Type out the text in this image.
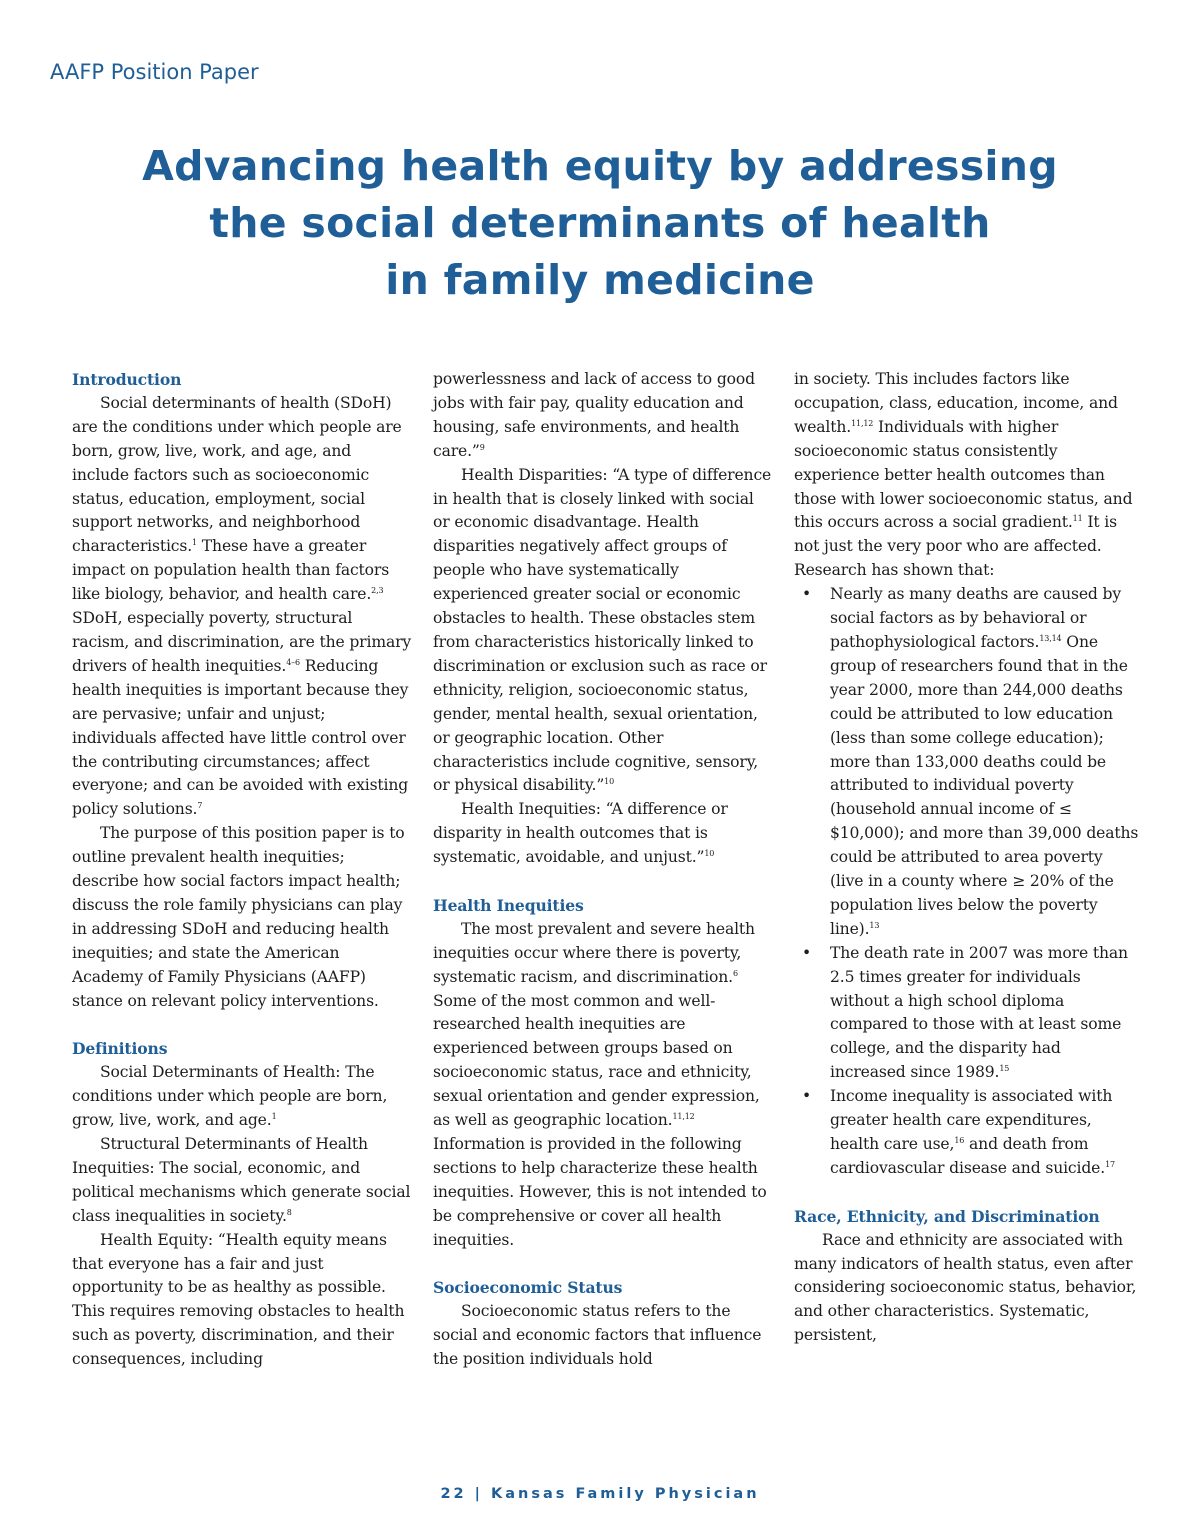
AAFP Position Paper
Advancing health equity by addressing
the social determinants of health
in family medicine
Introduction

Social determinants of health (SDoH) are the conditions under which people are born, grow, live, work, and age, and include factors such as socioeconomic status, education, employment, social support networks, and neighborhood characteristics.$^1$ These have a greater impact on population health than factors like biology, behavior, and health care.$^{2,3}$ SDoH, especially poverty, structural racism, and discrimination, are the primary drivers of health inequities.$^{4-6}$ Reducing health inequities is important because they are pervasive; unfair and unjust; individuals affected have little control over the contributing circumstances; affect everyone; and can be avoided with existing policy solutions.$^7$

The purpose of this position paper is to outline prevalent health inequities; describe how social factors impact health; discuss the role family physicians can play in addressing SDoH and reducing health inequities; and state the American Academy of Family Physicians (AAFP) stance on relevant policy interventions.

Definitions

Social Determinants of Health: The conditions under which people are born, grow, live, work, and age.$^1$

Structural Determinants of Health Inequities: The social, economic, and political mechanisms which generate social class inequalities in society.$^8$

Health Equity: “Health equity means that everyone has a fair and just opportunity to be as healthy as possible. This requires removing obstacles to health such as poverty, discrimination, and their consequences, including

powerlessness and lack of access to good jobs with fair pay, quality education and housing, safe environments, and health care.”$^9$

Health Disparities: “A type of difference in health that is closely linked with social or economic disadvantage. Health disparities negatively affect groups of people who have systematically experienced greater social or economic obstacles to health. These obstacles stem from characteristics historically linked to discrimination or exclusion such as race or ethnicity, religion, socioeconomic status, gender, mental health, sexual orientation, or geographic location. Other characteristics include cognitive, sensory, or physical disability.”$^{10}$

Health Inequities: “A difference or disparity in health outcomes that is systematic, avoidable, and unjust.”$^{10}$

Health Inequities

The most prevalent and severe health inequities occur where there is poverty, systematic racism, and discrimination.$^6$ Some of the most common and well-researched health inequities are experienced between groups based on socioeconomic status, race and ethnicity, sexual orientation and gender expression, as well as geographic location.$^{11,12}$ Information is provided in the following sections to help characterize these health inequities. However, this is not intended to be comprehensive or cover all health inequities.

Socioeconomic Status

Socioeconomic status refers to the social and economic factors that influence the position individuals hold

in society. This includes factors like occupation, class, education, income, and wealth.$^{11,12}$ Individuals with higher socioeconomic status consistently experience better health outcomes than those with lower socioeconomic status, and this occurs across a social gradient.$^{11}$ It is not just the very poor who are affected. Research has shown that:

• Nearly as many deaths are caused by social factors as by behavioral or pathophysiological factors.$^{13,14}$ One group of researchers found that in the year 2000, more than 244,000 deaths could be attributed to low education (less than some college education); more than 133,000 deaths could be attributed to individual poverty (household annual income of ≤ $10,000); and more than 39,000 deaths could be attributed to area poverty (live in a county where ≥ 20% of the population lives below the poverty line).$^{13}$
• The death rate in 2007 was more than 2.5 times greater for individuals without a high school diploma compared to those with at least some college, and the disparity had increased since 1989.15
• Income inequality is associated with greater health care expenditures, health care use,$^{16}$ and death from cardiovascular disease and suicide.$^{17}$
Race, Ethnicity, and Discrimination

Race and ethnicity are associated with many indicators of health status, even after considering socioeconomic status, behavior, and other characteristics. Systematic, persistent,

22 | Kansas Family Physician
